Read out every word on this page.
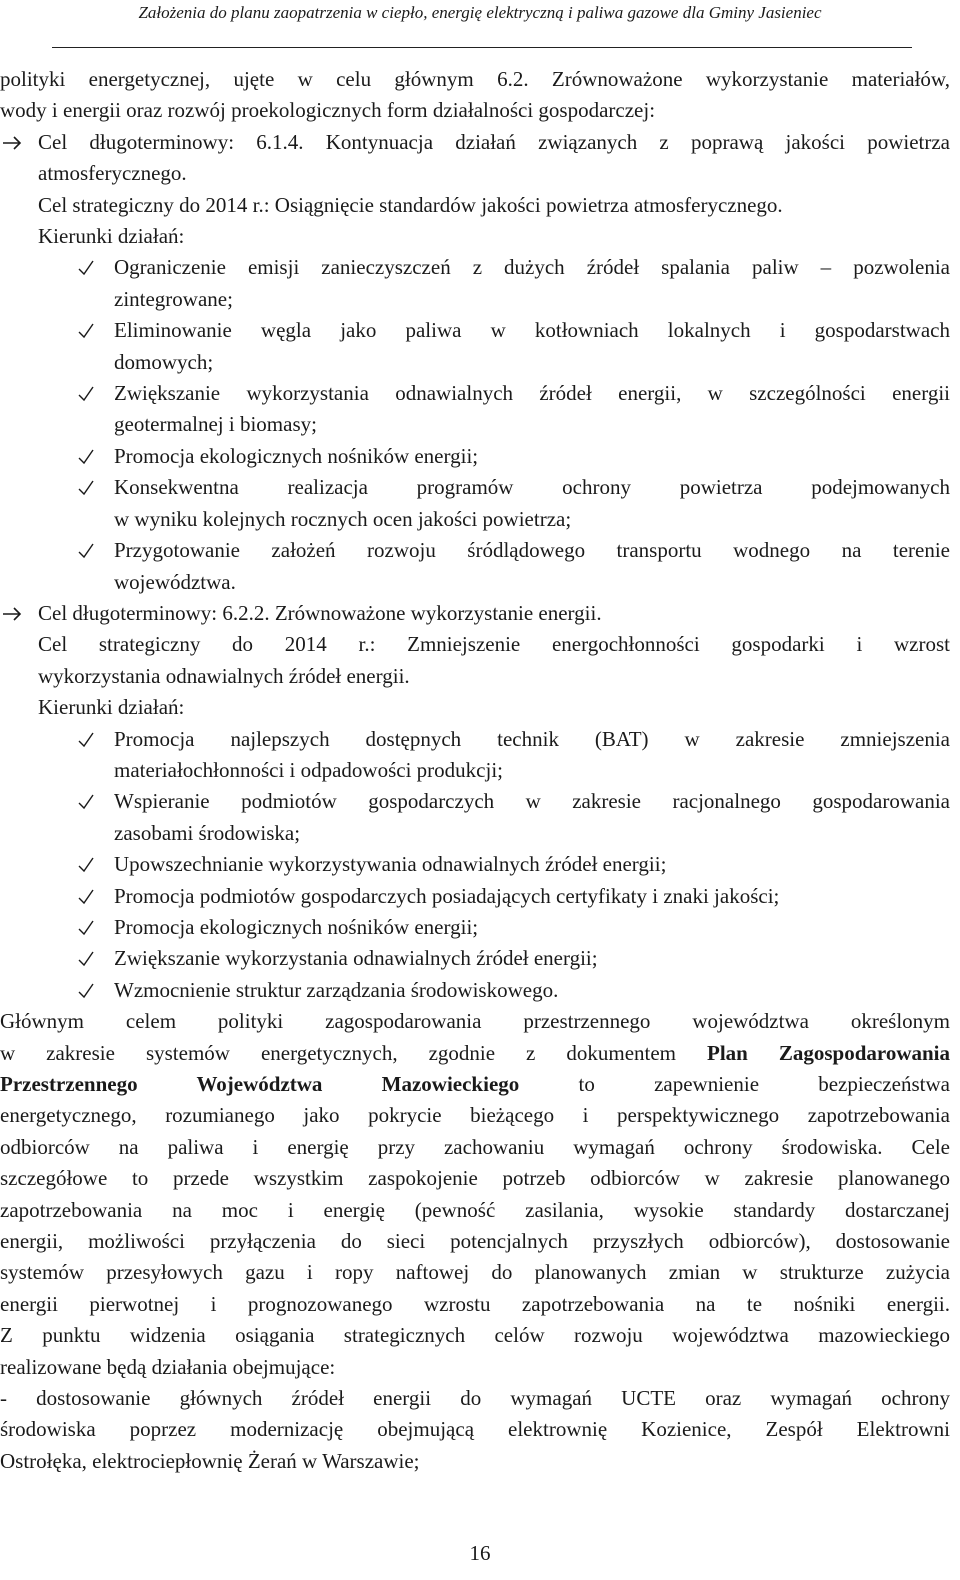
Założenia do planu zaopatrzenia w ciepło, energię elektryczną i paliwa gazowe dla Gminy Jasieniec

polityki energetycznej, ujęte w celu głównym 6.2. Zrównoważone wykorzystanie materiałów,

wody i energii oraz rozwój proekologicznych form działalności gospodarczej:

Cel długoterminowy: 6.1.4. Kontynuacja działań związanych z poprawą jakości powietrza

atmosferycznego.

Cel strategiczny do 2014 r.: Osiągnięcie standardów jakości powietrza atmosferycznego.

Kierunki działań:

Ograniczenie emisji zanieczyszczeń z dużych źródeł spalania paliw – pozwolenia

zintegrowane;

Eliminowanie węgla jako paliwa w kotłowniach lokalnych i gospodarstwach

domowych;

Zwiększanie wykorzystania odnawialnych źródeł energii, w szczególności energii

geotermalnej i biomasy;

Promocja ekologicznych nośników energii;

Konsekwentna realizacja programów ochrony powietrza podejmowanych

w wyniku kolejnych rocznych ocen jakości powietrza;

Przygotowanie założeń rozwoju śródlądowego transportu wodnego na terenie

województwa.

Cel długoterminowy: 6.2.2. Zrównoważone wykorzystanie energii.

Cel strategiczny do 2014 r.: Zmniejszenie energochłonności gospodarki i wzrost

wykorzystania odnawialnych źródeł energii.

Kierunki działań:

Promocja najlepszych dostępnych technik (BAT) w zakresie zmniejszenia

materiałochłonności i odpadowości produkcji;

Wspieranie podmiotów gospodarczych w zakresie racjonalnego gospodarowania

zasobami środowiska;

Upowszechnianie wykorzystywania odnawialnych źródeł energii;

Promocja podmiotów gospodarczych posiadających certyfikaty i znaki jakości;

Promocja ekologicznych nośników energii;

Zwiększanie wykorzystania odnawialnych źródeł energii;

Wzmocnienie struktur zarządzania środowiskowego.

Głównym celem polityki zagospodarowania przestrzennego województwa określonym

w zakresie systemów energetycznych, zgodnie z dokumentem Plan Zagospodarowania

Przestrzennego Województwa Mazowieckiego to zapewnienie bezpieczeństwa

energetycznego, rozumianego jako pokrycie bieżącego i perspektywicznego zapotrzebowania

odbiorców na paliwa i energię przy zachowaniu wymagań ochrony środowiska. Cele

szczegółowe to przede wszystkim zaspokojenie potrzeb odbiorców w zakresie planowanego

zapotrzebowania na moc i energię (pewność zasilania, wysokie standardy dostarczanej

energii, możliwości przyłączenia do sieci potencjalnych przyszłych odbiorców), dostosowanie

systemów przesyłowych gazu i ropy naftowej do planowanych zmian w strukturze zużycia

energii pierwotnej i prognozowanego wzrostu zapotrzebowania na te nośniki energii.

Z punktu widzenia osiągania strategicznych celów rozwoju województwa mazowieckiego

realizowane będą działania obejmujące:

- dostosowanie głównych źródeł energii do wymagań UCTE oraz wymagań ochrony

środowiska poprzez modernizację obejmującą elektrownię Kozienice, Zespół Elektrowni

Ostrołęka, elektrociepłownię Żerań w Warszawie;

16
